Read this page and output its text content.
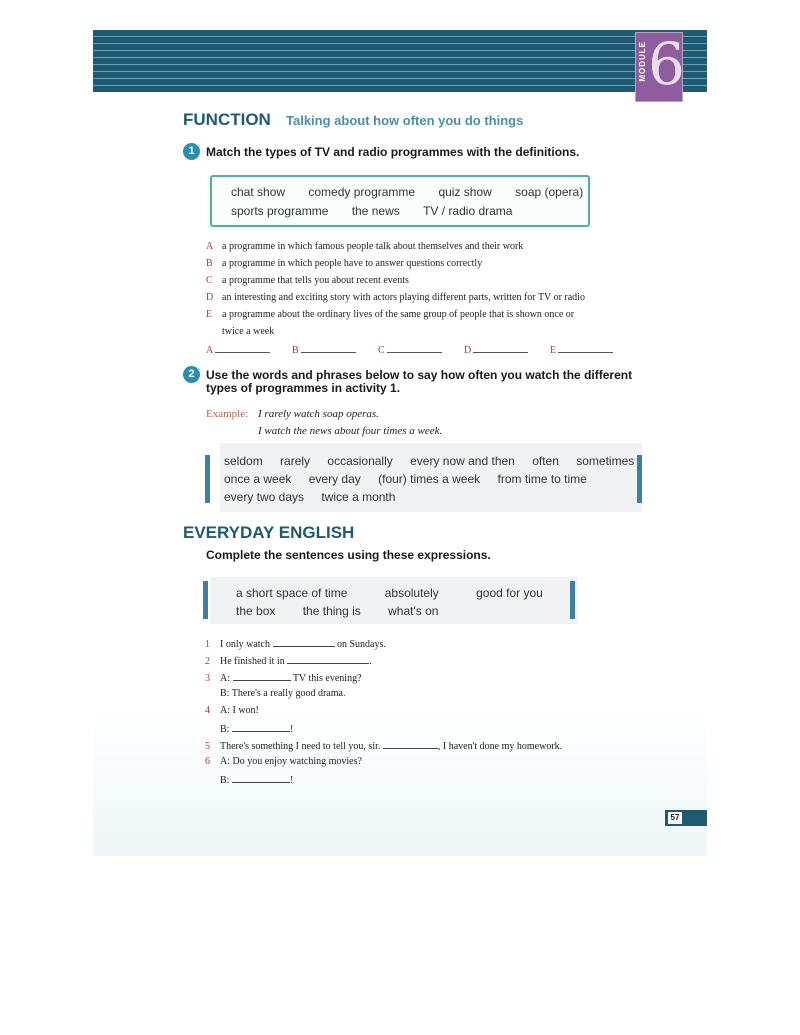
MODULE 6
FUNCTION Talking about how often you do things
1 Match the types of TV and radio programmes with the definitions.
chat show comedy programme quiz show soap (opera)
sports programme the news TV / radio drama
A a programme in which famous people talk about themselves and their work
B a programme in which people have to answer questions correctly
C a programme that tells you about recent events
D an interesting and exciting story with actors playing different parts, written for TV or radio
E a programme about the ordinary lives of the same group of people that is shown once or
twice a week
A	B	C	D	E
2 Use the words and phrases below to say how often you watch the different
types of programmes in activity 1.
Example: I rarely watch soap operas.
I watch the news about four times a week.
seldom rarely occasionally every now and then often sometimes
once a week every day (four) times a week from time to time
every two days twice a month
EVERYDAY ENGLISH
Complete the sentences using these expressions.
a short space of time	absolutely	good for you
the box the thing is what's on
1 I only watch	on Sundays.
2 He finished it in	.
3 A:	TV this evening?
B: There's a really good drama.
4 A: I won!
B:	!
5 There's something I need to tell you, sir.	, I haven't done my homework.
6 A: Do you enjoy watching movies?
B:	!
57
